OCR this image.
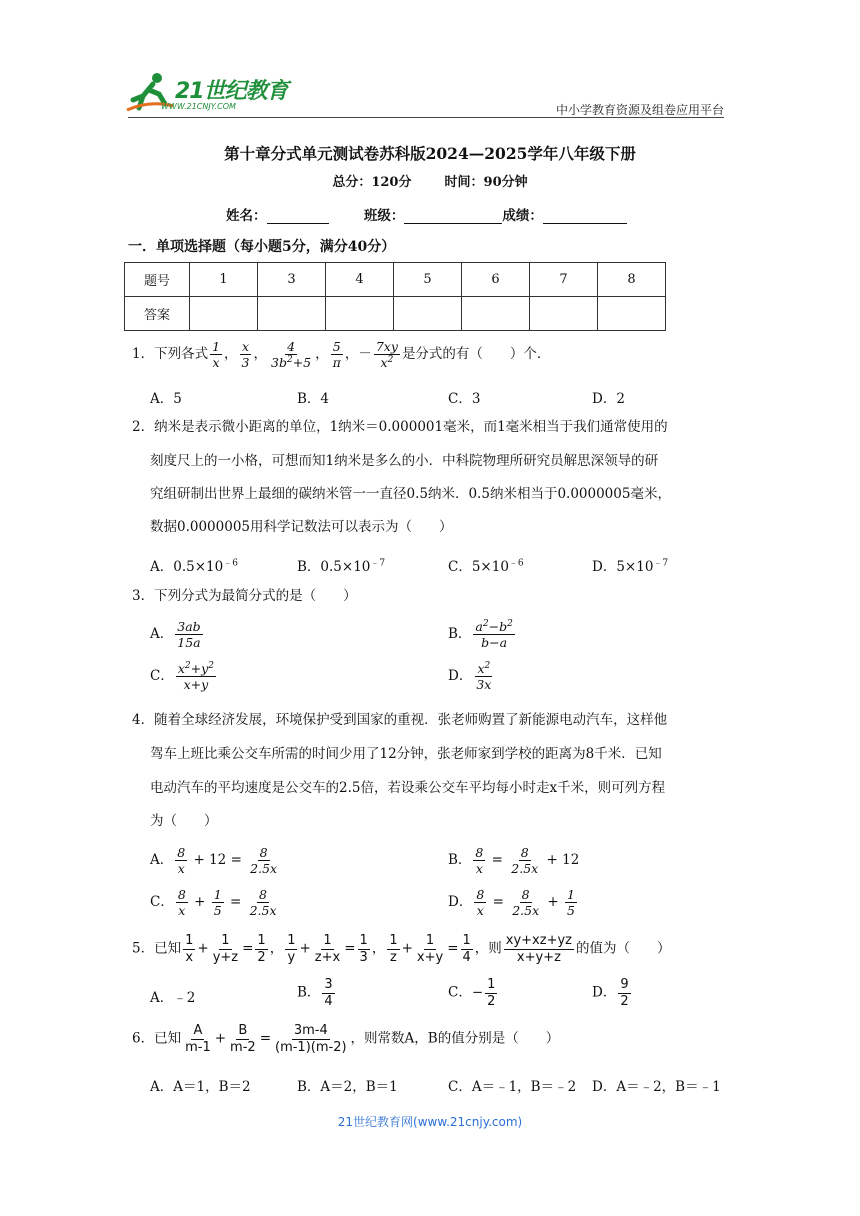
21世纪教育
WWW.21CNJY.COM	中小学教育资源及组卷应用平台
第十章分式单元测试卷苏科版2024—2025学年八年级下册
总分：120分	时间：90分钟
姓名：	班级：	成绩：
一．单项选择题（每小题5分，满分40分）
题号	1	3	4	5	6	7	8
答案							
1．下列各式 $\frac{1}{x}$ ， $\frac{x}{3}$ ， $\frac{4}{3b^2+5}$ ， $\frac{5}{\pi}$ ，－ $\frac{7xy}{x^2}$ 是分式的有（　　）个．
A．5	B．4	C．3	D．2
2．纳米是表示微小距离的单位，1纳米＝0.000001毫米，而1毫米相当于我们通常使用的
刻度尺上的一小格，可想而知1纳米是多么的小．中科院物理所研究员解思深领导的研
究组研制出世界上最细的碳纳米管一一直径0.5纳米．0.5纳米相当于0.0000005毫米，
数据0.0000005用科学记数法可以表示为（　　）
A．$0.5\times 10^{﹣6}$	B．$0.5\times 10^{﹣7}$	C．$5\times 10^{﹣6}$	D．$5\times 10^{﹣7}$
3．下列分式为最简分式的是（　　）
A． $\frac{3ab}{15a}$	B． $\frac{a^2-b^2}{b-a}$
C． $\frac{x^2+y^2}{x+y}$	D． $\frac{x^2}{3x}$
4．随着全球经济发展，环境保护受到国家的重视．张老师购置了新能源电动汽车，这样他
驾车上班比乘公交车所需的时间少用了12分钟，张老师家到学校的距离为8千米．已知
电动汽车的平均速度是公交车的2.5倍，若设乘公交车平均每小时走x千米，则可列方程
为（　　）
A． $\frac{8}{x} + 12 = \frac{8}{2.5x}$	B． $\frac{8}{x} = \frac{8}{2.5x} + 12$
C． $\frac{8}{x} + \frac{1}{5} = \frac{8}{2.5x}$	D． $\frac{8}{x} = \frac{8}{2.5x} + \frac{1}{5}$
5．已知 $\frac{1}{x} + \frac{1}{y+z} = \frac{1}{2}$ ， $\frac{1}{y} + \frac{1}{z+x} = \frac{1}{3}$ ， $\frac{1}{z} + \frac{1}{x+y} = \frac{1}{4}$ ，则 $\frac{xy+xz+yz}{x+y+z}$ 的值为（　　）
A．﹣2	B． $\frac{3}{4}$	C．− $\frac{1}{2}$	D． $\frac{9}{2}$
6．已知 $\frac{A}{m-1} + \frac{B}{m-2} = \frac{3m-4}{(m-1)(m-2)}$ ，则常数A，B的值分别是（　　）
A．A＝1，B＝2	B．A＝2，B＝1	C．A＝﹣1，B＝﹣2 D．A＝﹣2，B＝﹣1
21世纪教育网(www.21cnjy.com)
